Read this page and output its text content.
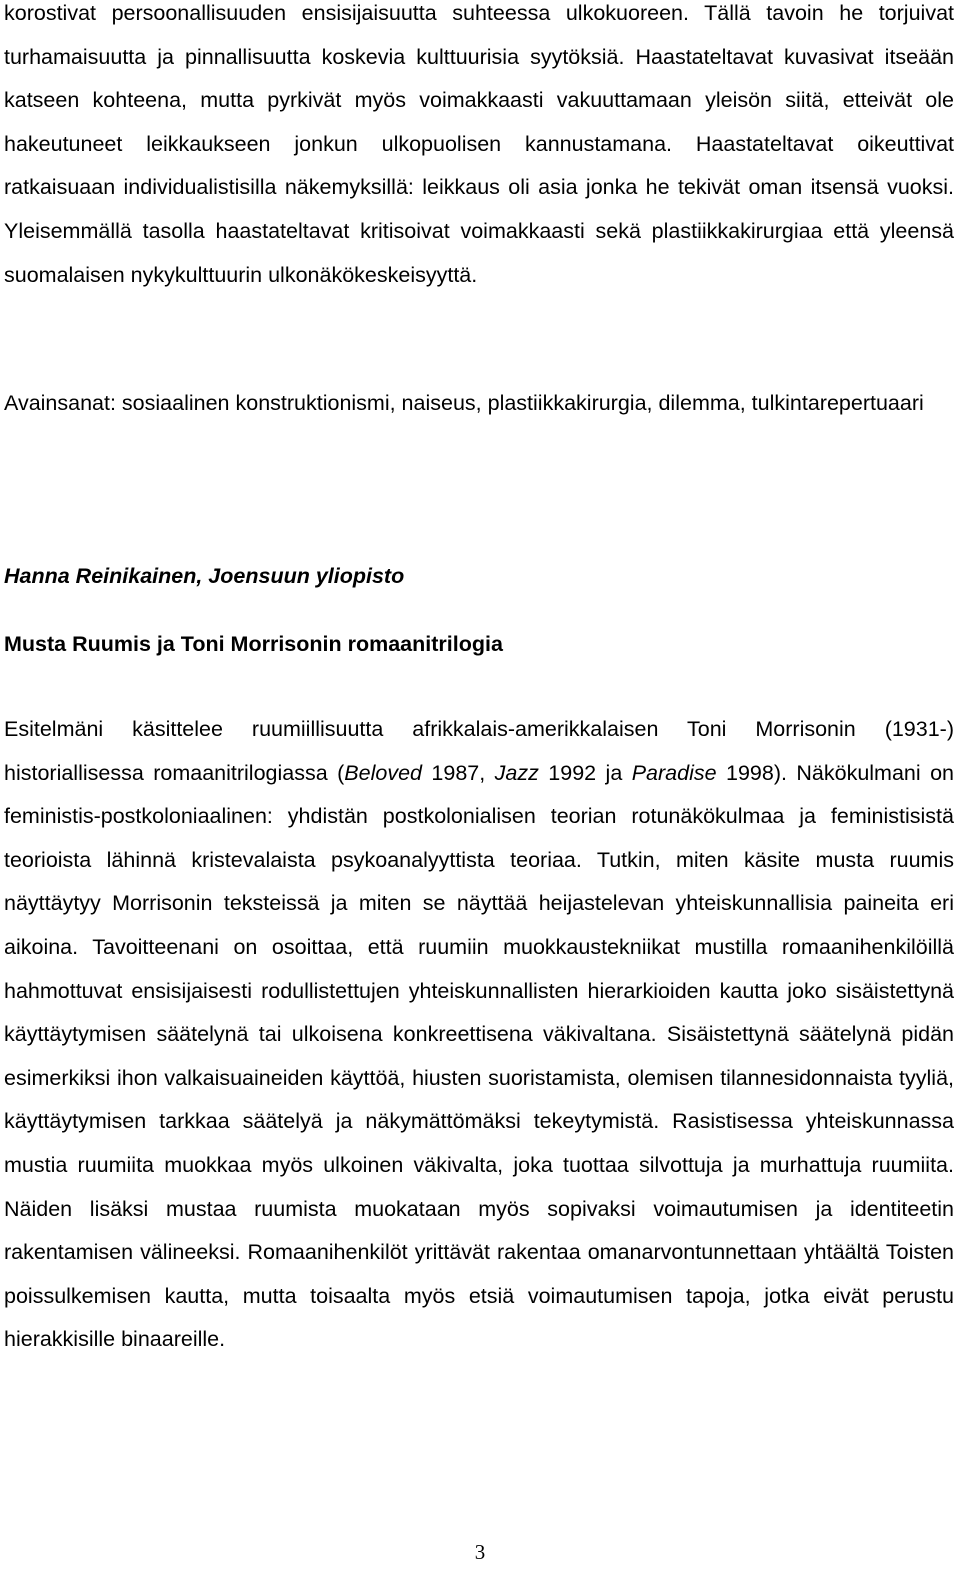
korostivat persoonallisuuden ensisijaisuutta suhteessa ulkokuoreen. Tällä tavoin he torjuivat turhamaisuutta ja pinnallisuutta koskevia kulttuurisia syytöksiä. Haastateltavat kuvasivat itseään katseen kohteena, mutta pyrkivät myös voimakkaasti vakuuttamaan yleisön siitä, etteivät ole hakeutuneet leikkaukseen jonkun ulkopuolisen kannustamana. Haastateltavat oikeuttivat ratkaisuaan individualistisilla näkemyksillä: leikkaus oli asia jonka he tekivät oman itsensä vuoksi. Yleisemmällä tasolla haastateltavat kritisoivat voimakkaasti sekä plastiikkakirurgiaa että yleensä suomalaisen nykykulttuurin ulkonäkökeskeisyyttä.

Avainsanat: sosiaalinen konstruktionismi, naiseus, plastiikkakirurgia, dilemma, tulkintarepertuaari

Hanna Reinikainen, Joensuun yliopisto

Musta Ruumis ja Toni Morrisonin romaanitrilogia

Esitelmäni käsittelee ruumiillisuutta afrikkalais-amerikkalaisen Toni Morrisonin (1931-) historiallisessa romaanitrilogiassa (Beloved 1987, Jazz 1992 ja Paradise 1998). Näkökulmani on feministis-postkoloniaalinen: yhdistän postkolonialisen teorian rotunäkökulmaa ja feministisistä teorioista lähinnä kristevalaista psykoanalyyttista teoriaa. Tutkin, miten käsite musta ruumis näyttäytyy Morrisonin teksteissä ja miten se näyttää heijastelevan yhteiskunnallisia paineita eri aikoina. Tavoitteenani on osoittaa, että ruumiin muokkaustekniikat mustilla romaanihenkilöillä hahmottuvat ensisijaisesti rodullistettujen yhteiskunnallisten hierarkioiden kautta joko sisäistettynä käyttäytymisen säätelynä tai ulkoisena konkreettisena väkivaltana. Sisäistettynä säätelynä pidän esimerkiksi ihon valkaisuaineiden käyttöä, hiusten suoristamista, olemisen tilannesidonnaista tyyliä, käyttäytymisen tarkkaa säätelyä ja näkymättömäksi tekeytymistä. Rasistisessa yhteiskunnassa mustia ruumiita muokkaa myös ulkoinen väkivalta, joka tuottaa silvottuja ja murhattuja ruumiita. Näiden lisäksi mustaa ruumista muokataan myös sopivaksi voimautumisen ja identiteetin rakentamisen välineeksi. Romaanihenkilöt yrittävät rakentaa omanarvontunnettaan yhtäältä Toisten poissulkemisen kautta, mutta toisaalta myös etsiä voimautumisen tapoja, jotka eivät perustu hierakkisille binaareille.

3
